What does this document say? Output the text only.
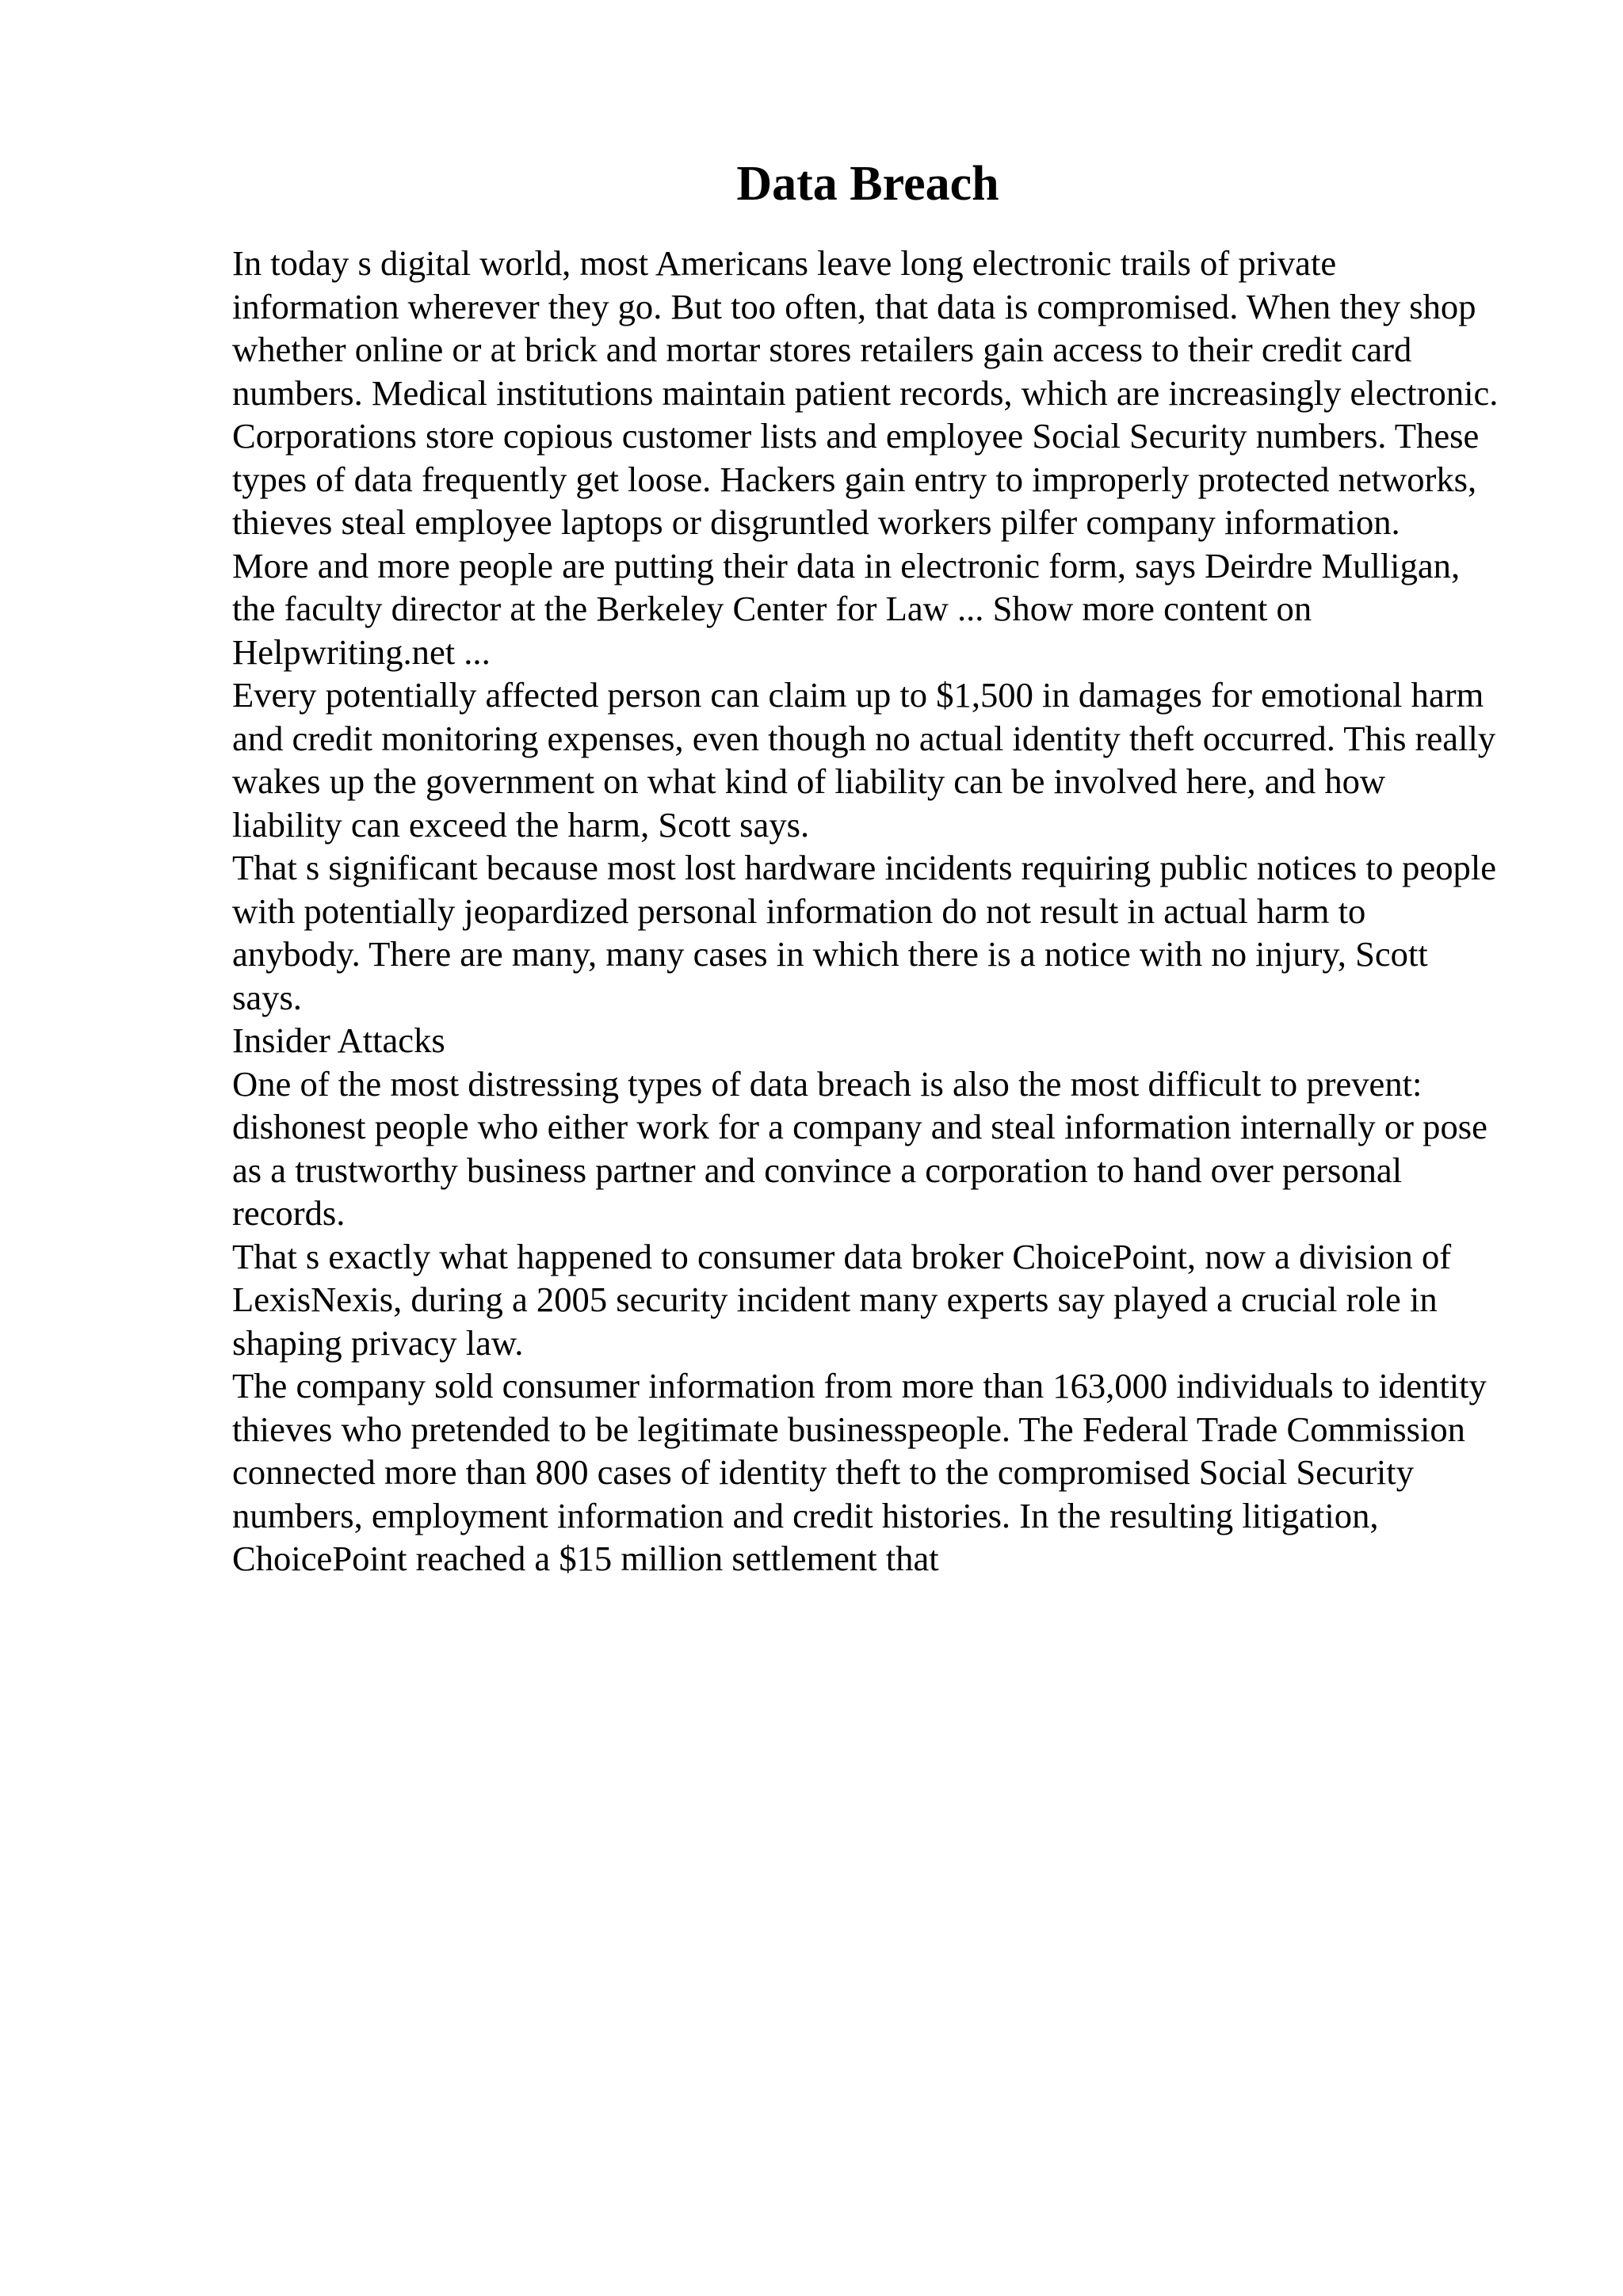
Data Breach

In today s digital world, most Americans leave long electronic trails of private information wherever they go. But too often, that data is compromised. When they shop whether online or at brick and mortar stores retailers gain access to their credit card numbers. Medical institutions maintain patient records, which are increasingly electronic. Corporations store copious customer lists and employee Social Security numbers. These types of data frequently get loose. Hackers gain entry to improperly protected networks, thieves steal employee laptops or disgruntled workers pilfer company information.

More and more people are putting their data in electronic form, says Deirdre Mulligan, the faculty director at the Berkeley Center for Law ... Show more content on Helpwriting.net ...

Every potentially affected person can claim up to $1,500 in damages for emotional harm and credit monitoring expenses, even though no actual identity theft occurred. This really wakes up the government on what kind of liability can be involved here, and how liability can exceed the harm, Scott says.

That s significant because most lost hardware incidents requiring public notices to people with potentially jeopardized personal information do not result in actual harm to anybody. There are many, many cases in which there is a notice with no injury, Scott says.

Insider Attacks

One of the most distressing types of data breach is also the most difficult to prevent: dishonest people who either work for a company and steal information internally or pose as a trustworthy business partner and convince a corporation to hand over personal records.

That s exactly what happened to consumer data broker ChoicePoint, now a division of LexisNexis, during a 2005 security incident many experts say played a crucial role in shaping privacy law.

The company sold consumer information from more than 163,000 individuals to identity thieves who pretended to be legitimate businesspeople. The Federal Trade Commission connected more than 800 cases of identity theft to the compromised Social Security numbers, employment information and credit histories. In the resulting litigation, ChoicePoint reached a $15 million settlement that
